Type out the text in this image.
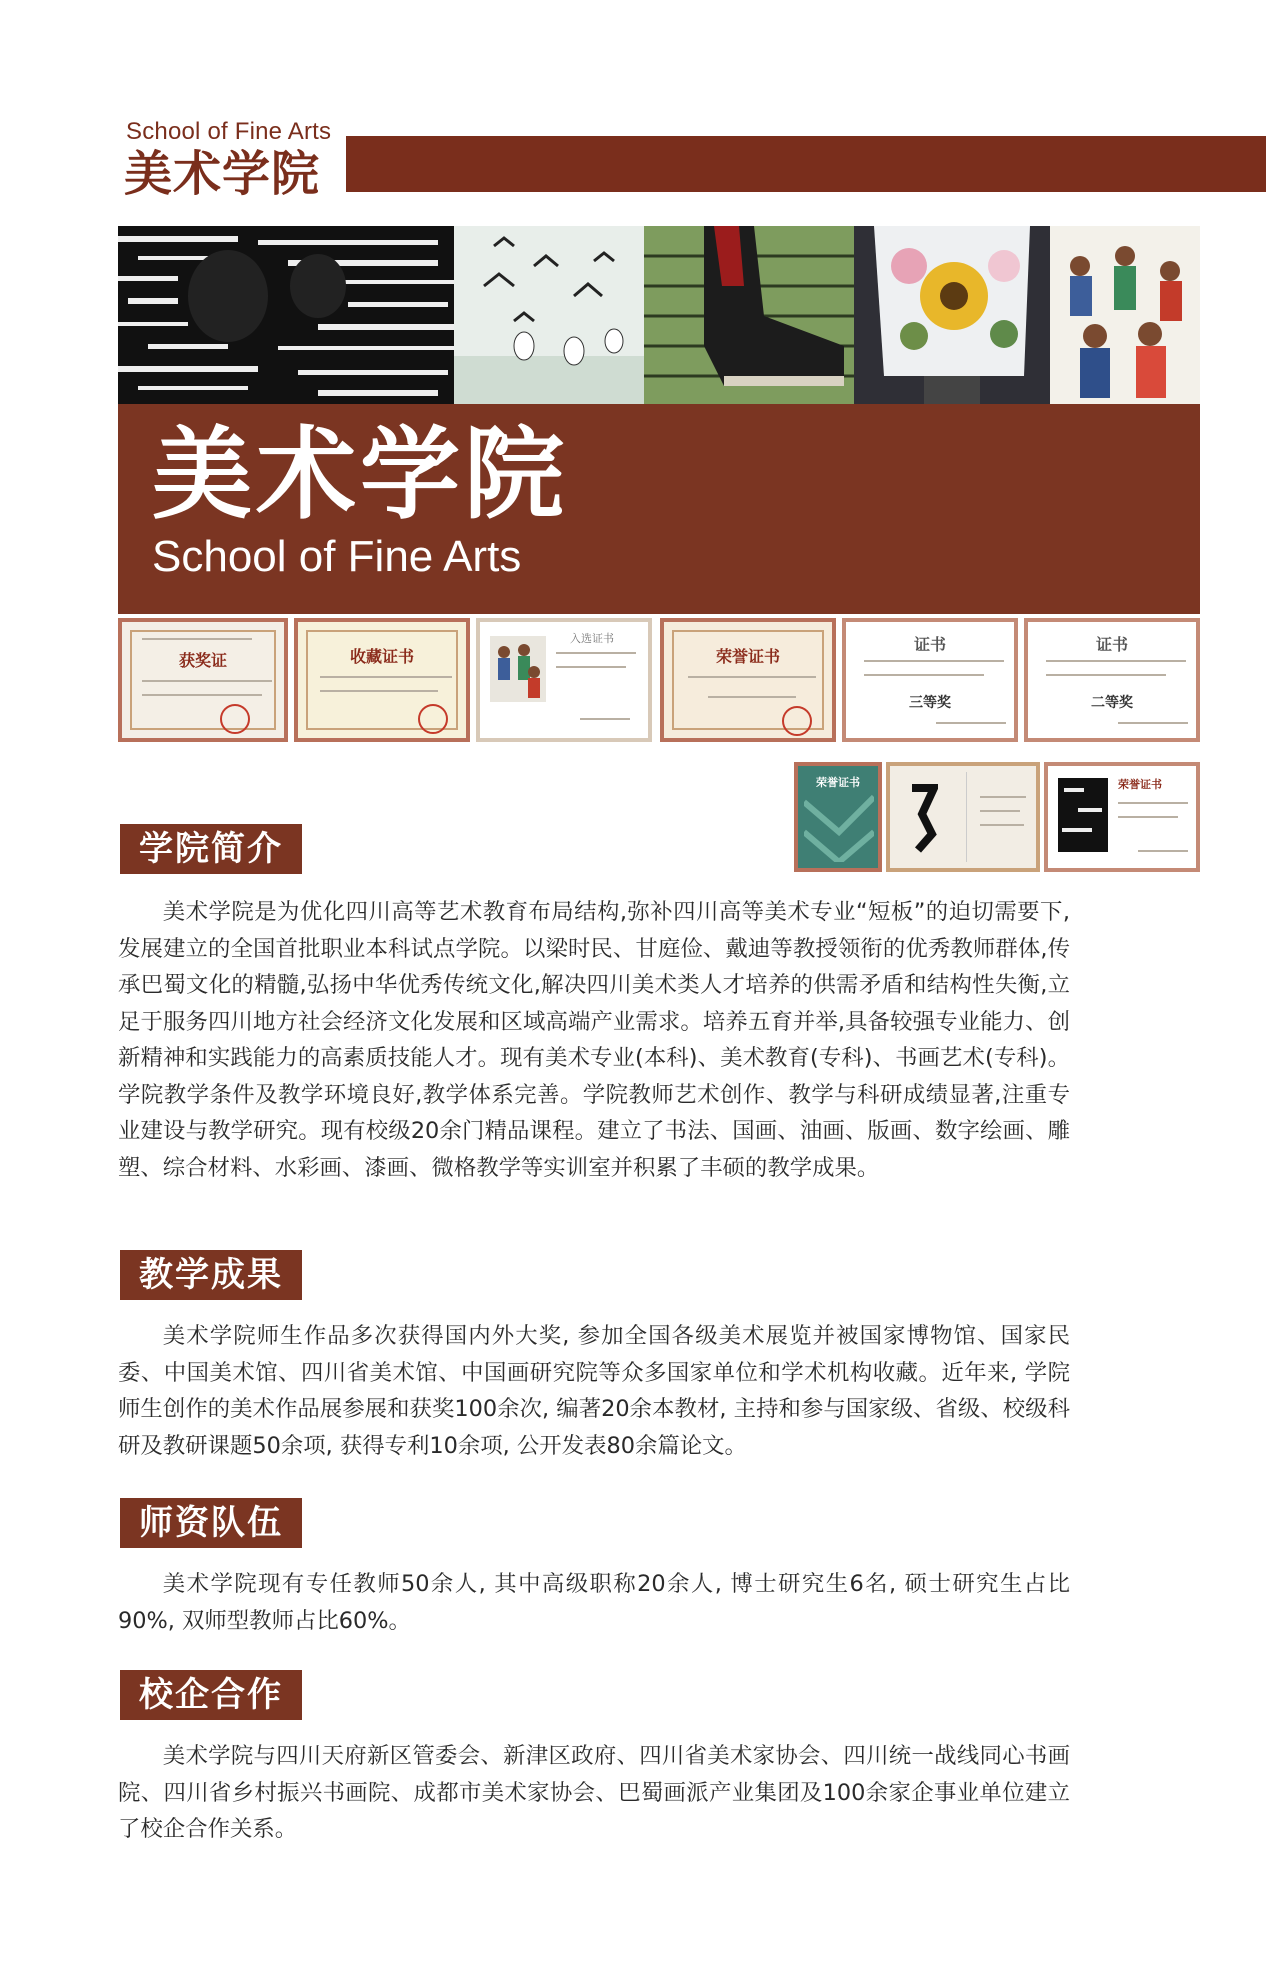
School of Fine Arts
美术学院
美术学院
School of Fine Arts
获奖证	收藏证书
入选证书
荣誉证书
证书
三等奖
证书
二等奖
荣誉证书	荣誉证书
学院简介

美术学院是为优化四川高等艺术教育布局结构,弥补四川高等美术专业“短板”的迫切需要下,发展建立的全国首批职业本科试点学院。以梁时民、甘庭俭、戴迪等教授领衔的优秀教师群体,传承巴蜀文化的精髓,弘扬中华优秀传统文化,解决四川美术类人才培养的供需矛盾和结构性失衡,立足于服务四川地方社会经济文化发展和区域高端产业需求。培养五育并举,具备较强专业能力、创新精神和实践能力的高素质技能人才。现有美术专业(本科)、美术教育(专科)、书画艺术(专科)。学院教学条件及教学环境良好,教学体系完善。学院教师艺术创作、教学与科研成绩显著,注重专业建设与教学研究。现有校级20余门精品课程。建立了书法、国画、油画、版画、数字绘画、雕塑、综合材料、水彩画、漆画、微格教学等实训室并积累了丰硕的教学成果。

教学成果

美术学院师生作品多次获得国内外大奖, 参加全国各级美术展览并被国家博物馆、国家民委、中国美术馆、四川省美术馆、中国画研究院等众多国家单位和学术机构收藏。近年来, 学院师生创作的美术作品展参展和获奖100余次, 编著20余本教材, 主持和参与国家级、省级、校级科研及教研课题50余项, 获得专利10余项, 公开发表80余篇论文。

师资队伍

美术学院现有专任教师50余人, 其中高级职称20余人, 博士研究生6名, 硕士研究生占比90%, 双师型教师占比60%。

校企合作

美术学院与四川天府新区管委会、新津区政府、四川省美术家协会、四川统一战线同心书画院、四川省乡村振兴书画院、成都市美术家协会、巴蜀画派产业集团及100余家企事业单位建立了校企合作关系。
